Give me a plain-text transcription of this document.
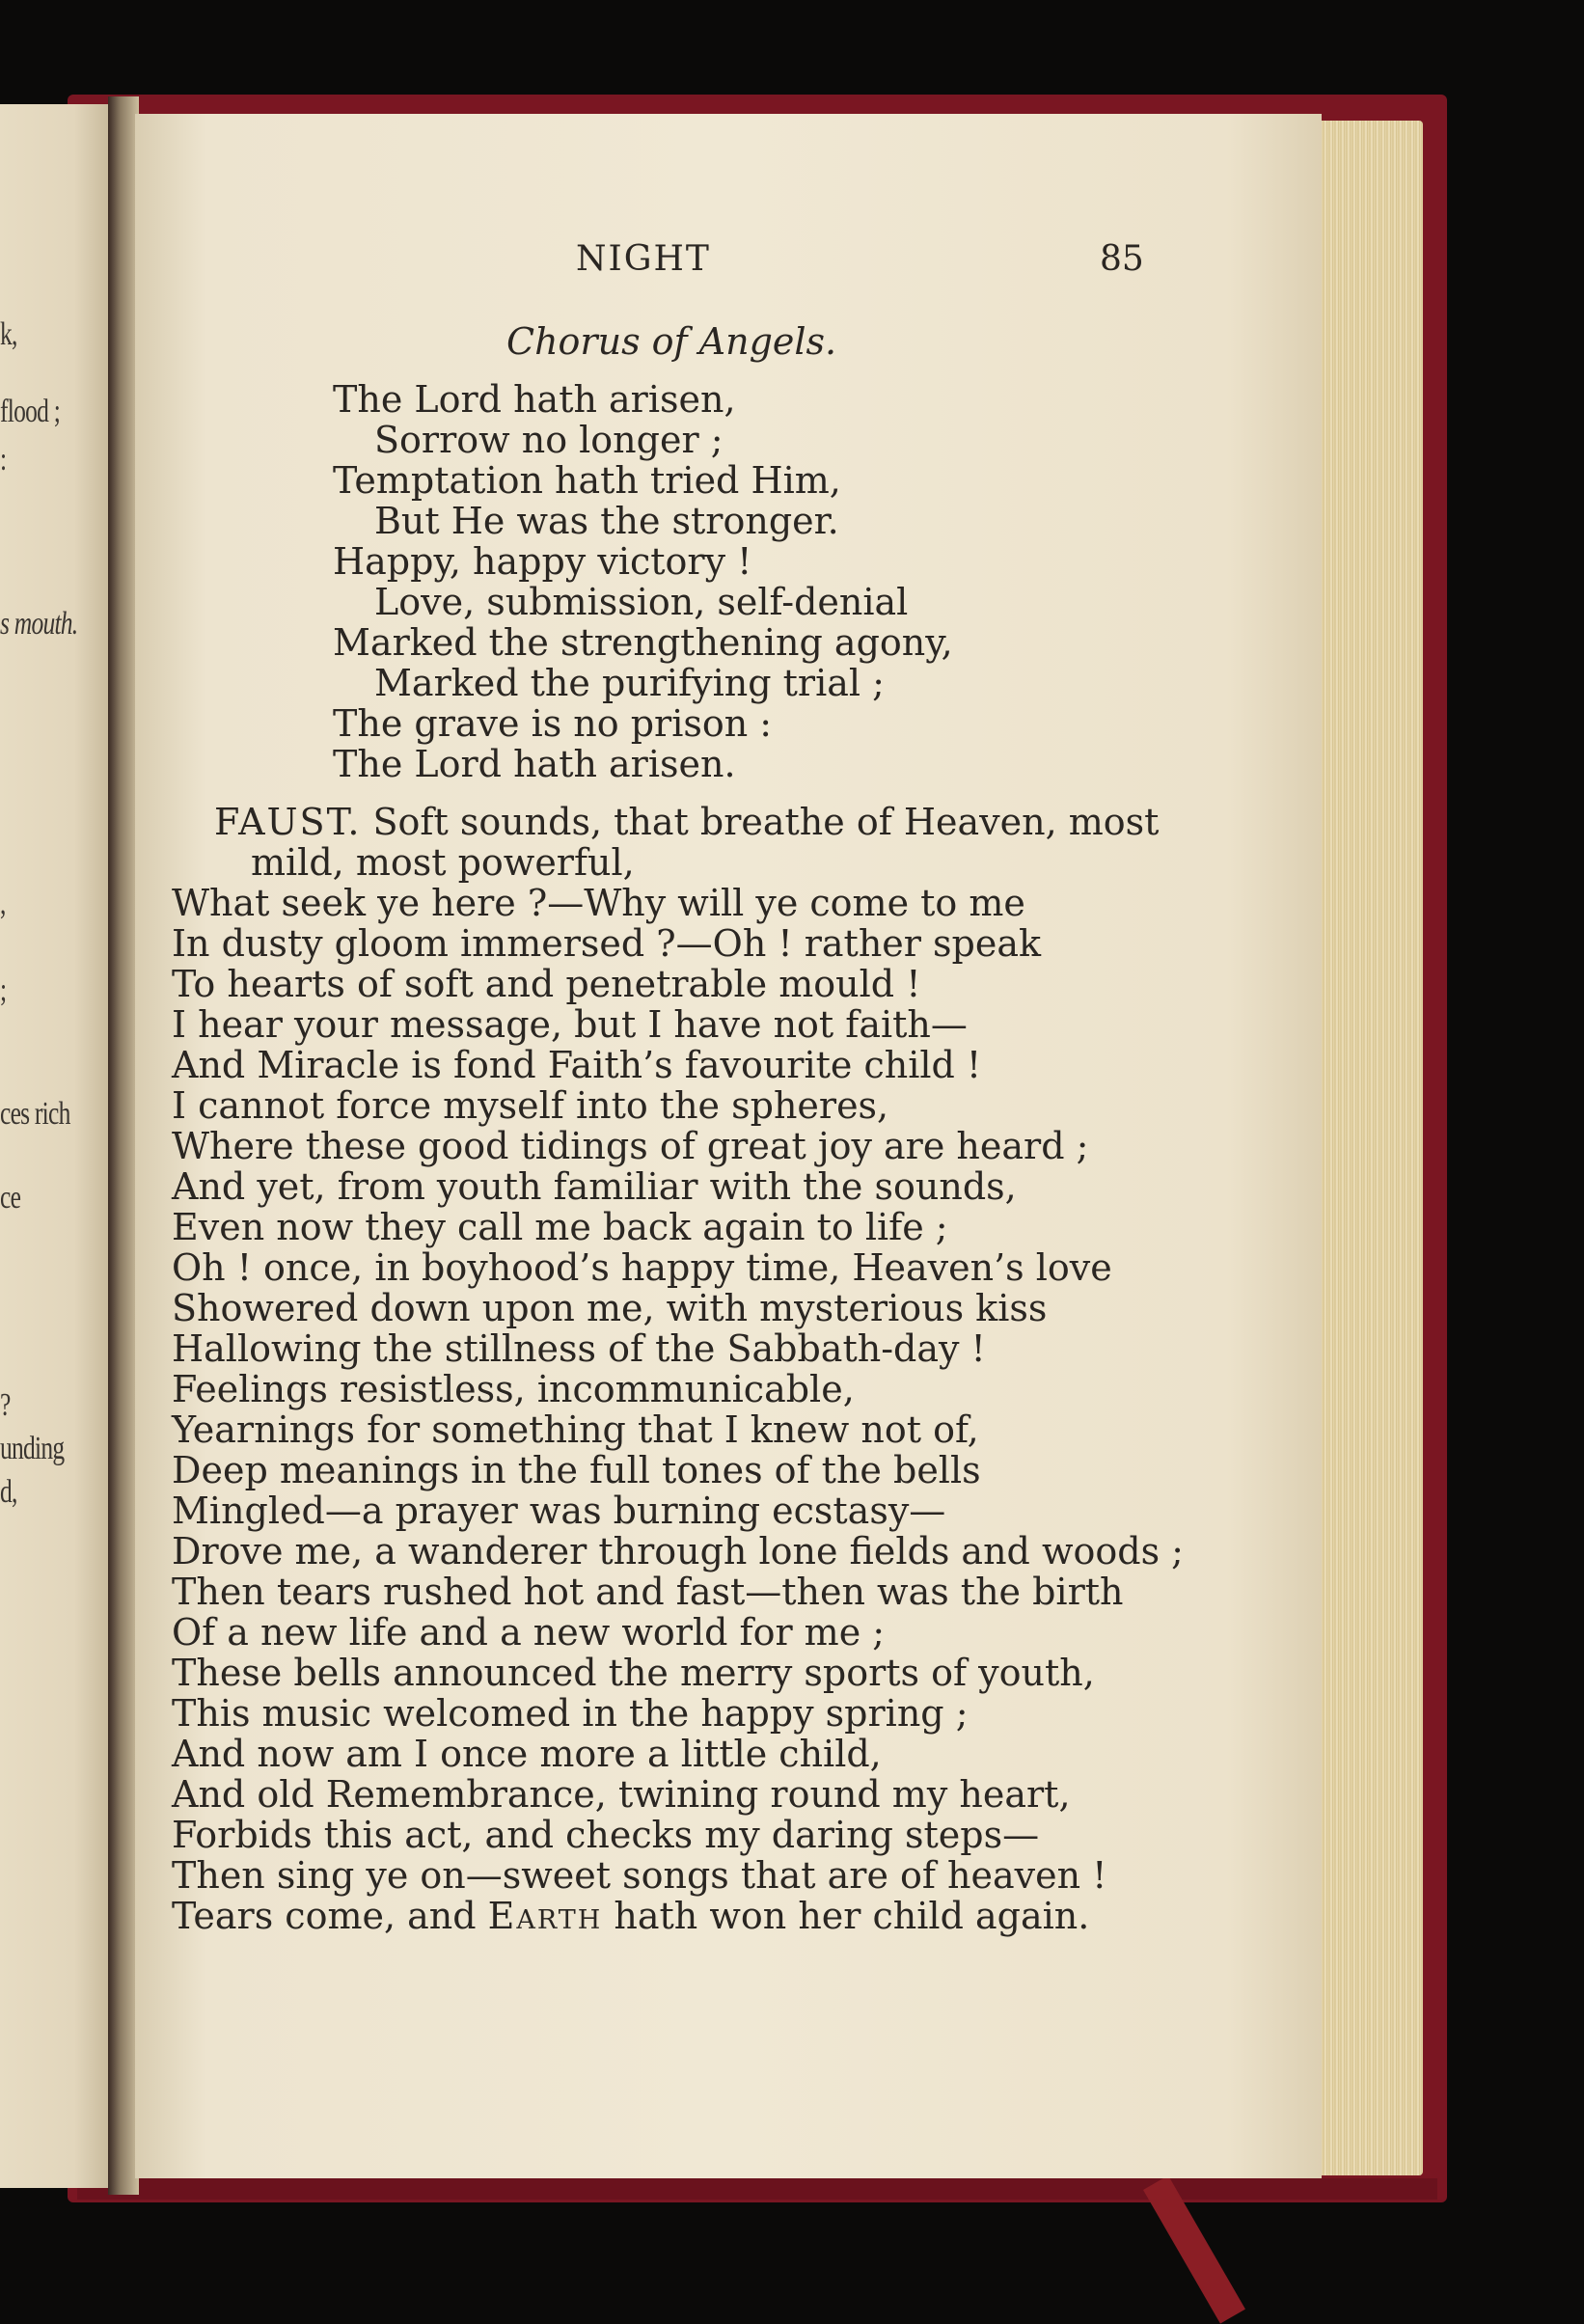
k,
flood ;
:
s mouth.
,
;
ces rich
ce
?
unding
d,
NIGHT	85
Chorus of Angels.
The Lord hath arisen,
Sorrow no longer ;
Temptation hath tried Him,
But He was the stronger.
Happy, happy victory !
Love, submission, self-denial
Marked the strengthening agony,
Marked the purifying trial ;
The grave is no prison :
The Lord hath arisen.
FAUST. Soft sounds, that breathe of Heaven, most
mild, most powerful,
What seek ye here ?—Why will ye come to me
In dusty gloom immersed ?—Oh ! rather speak
To hearts of soft and penetrable mould !
I hear your message, but I have not faith—
And Miracle is fond Faith’s favourite child !
I cannot force myself into the spheres,
Where these good tidings of great joy are heard ;
And yet, from youth familiar with the sounds,
Even now they call me back again to life ;
Oh ! once, in boyhood’s happy time, Heaven’s love
Showered down upon me, with mysterious kiss
Hallowing the stillness of the Sabbath-day !
Feelings resistless, incommunicable,
Yearnings for something that I knew not of,
Deep meanings in the full tones of the bells
Mingled—a prayer was burning ecstasy—
Drove me, a wanderer through lone fields and woods ;
Then tears rushed hot and fast—then was the birth
Of a new life and a new world for me ;
These bells announced the merry sports of youth,
This music welcomed in the happy spring ;
And now am I once more a little child,
And old Remembrance, twining round my heart,
Forbids this act, and checks my daring steps—
Then sing ye on—sweet songs that are of heaven !
Tears come, and Earth hath won her child again.
